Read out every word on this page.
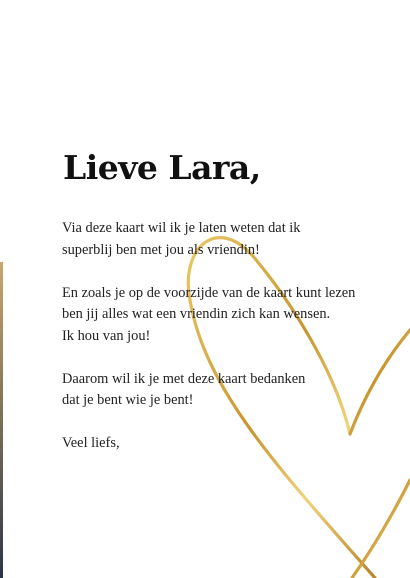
Lieve Lara,

Via deze kaart wil ik je laten weten dat ik
superblij ben met jou als vriendin!

En zoals je op de voorzijde van de kaart kunt lezen
ben jij alles wat een vriendin zich kan wensen.
Ik hou van jou!

Daarom wil ik je met deze kaart bedanken
dat je bent wie je bent!

Veel liefs,
